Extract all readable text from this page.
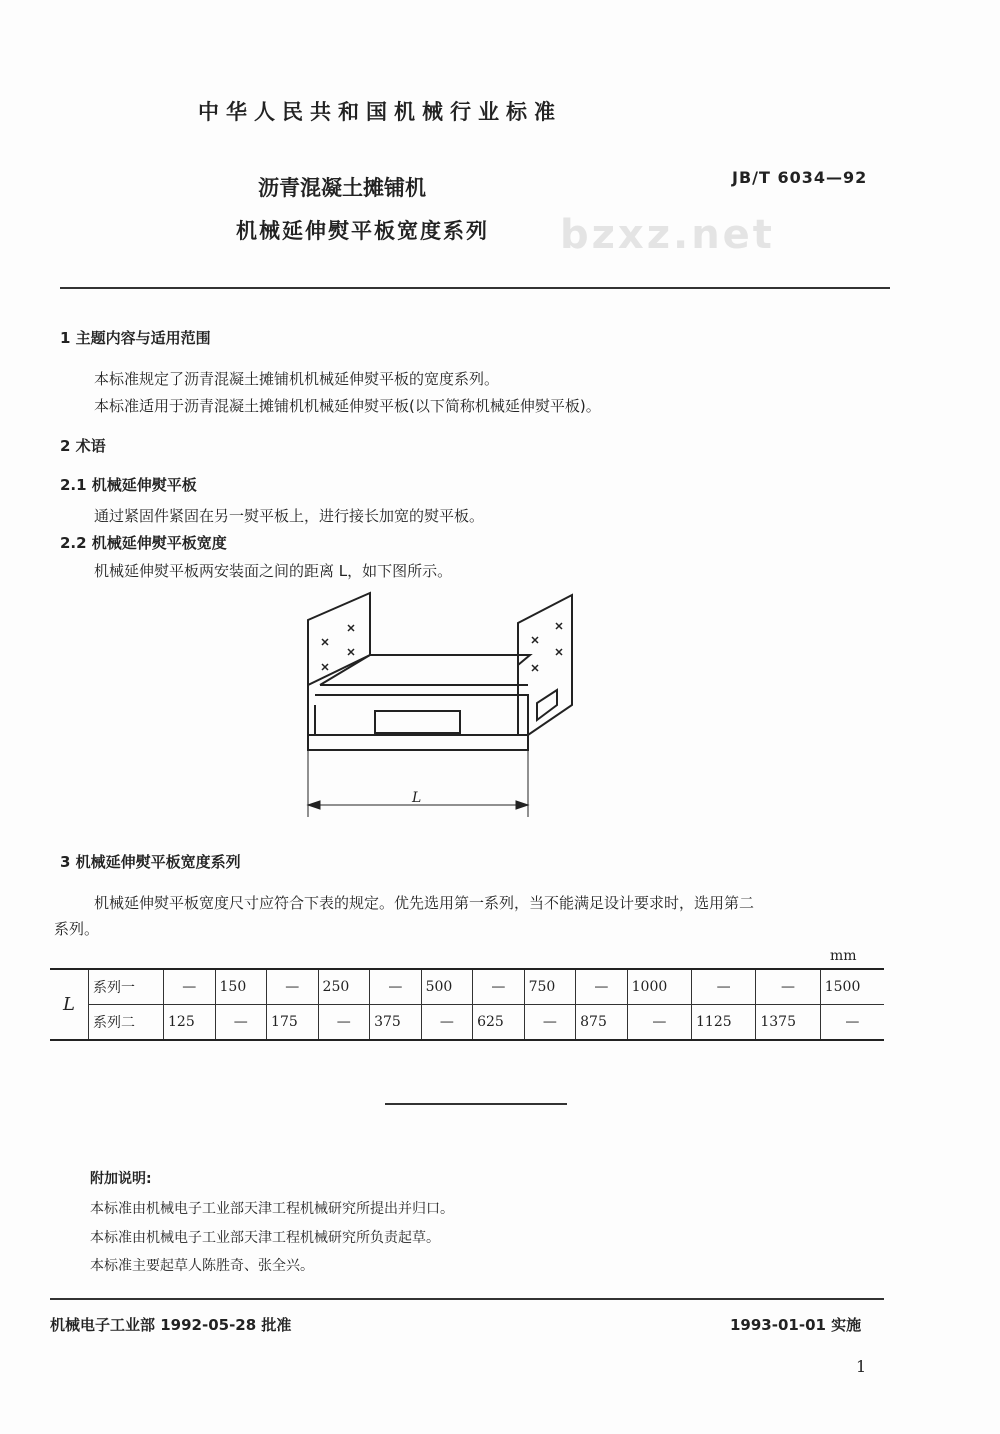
bzxz.net
中华人民共和国机械行业标准
沥青混凝土摊铺机
机械延伸熨平板宽度系列
JB/T 6034—92
1 主题内容与适用范围
本标准规定了沥青混凝土摊铺机机械延伸熨平板的宽度系列。
本标准适用于沥青混凝土摊铺机机械延伸熨平板(以下简称机械延伸熨平板)。
2 术语
2.1 机械延伸熨平板
通过紧固件紧固在另一熨平板上，进行接长加宽的熨平板。
2.2 机械延伸熨平板宽度
机械延伸熨平板两安装面之间的距离 L，如下图所示。
L
3 机械延伸熨平板宽度系列
机械延伸熨平板宽度尺寸应符合下表的规定。优先选用第一系列，当不能满足设计要求时，选用第二
系列。
mm
L	系列一	—	150	—	250	—	500	—	750	—	1000	—	—	1500
	系列二	125	—	175	—	375	—	625	—	875	—	1125	1375	—
附加说明:
本标准由机械电子工业部天津工程机械研究所提出并归口。
本标准由机械电子工业部天津工程机械研究所负责起草。
本标准主要起草人陈胜奇、张全兴。
机械电子工业部 1992-05-28 批准	1993-01-01 实施
1
